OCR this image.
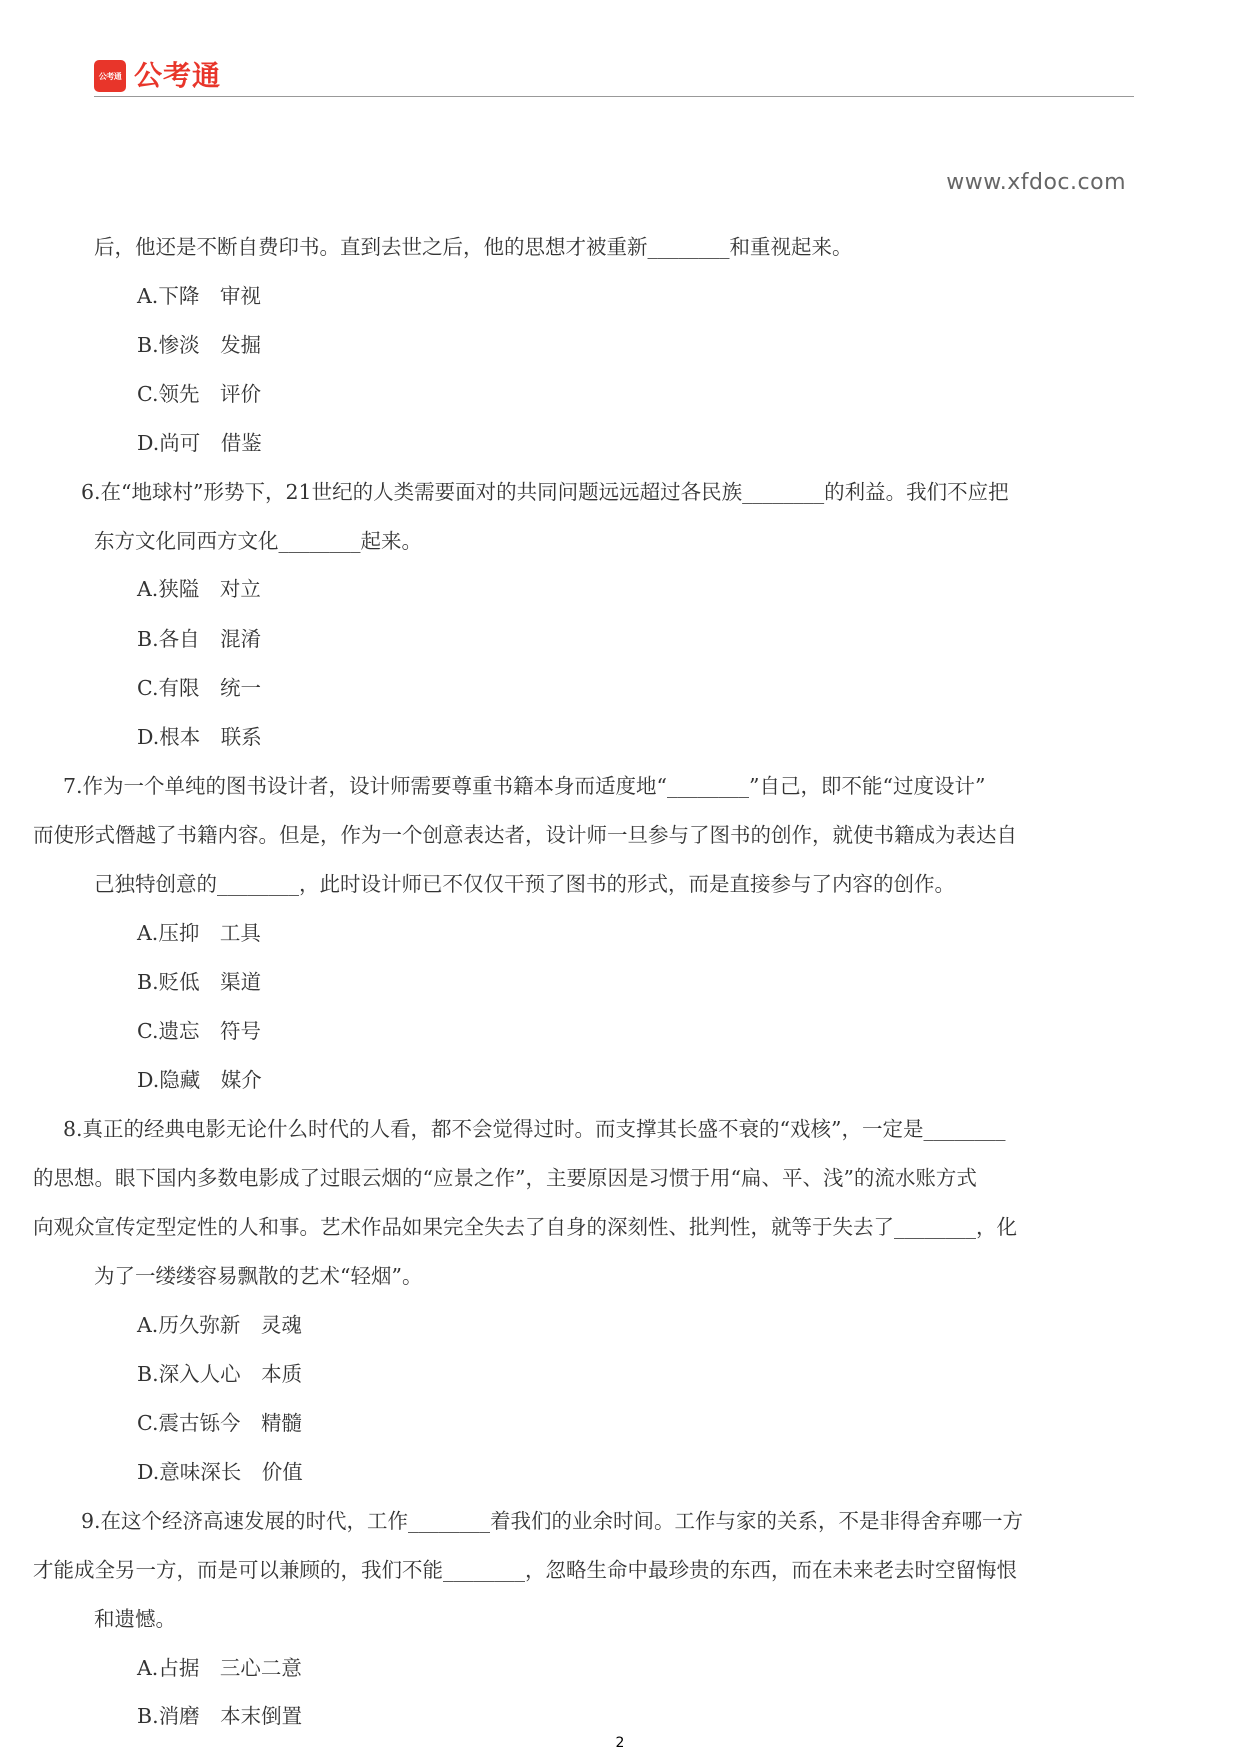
公考通 公考通
www.xfdoc.com
后，他还是不断自费印书。直到去世之后，他的思想才被重新________和重视起来。
A.下降　审视
B.惨淡　发掘
C.领先　评价
D.尚可　借鉴
6.在“地球村”形势下，21世纪的人类需要面对的共同问题远远超过各民族________的利益。我们不应把
东方文化同西方文化________起来。
A.狭隘　对立
B.各自　混淆
C.有限　统一
D.根本　联系
7.作为一个单纯的图书设计者，设计师需要尊重书籍本身而适度地“________”自己，即不能“过度设计”
而使形式僭越了书籍内容。但是，作为一个创意表达者，设计师一旦参与了图书的创作，就使书籍成为表达自
己独特创意的________，此时设计师已不仅仅干预了图书的形式，而是直接参与了内容的创作。
A.压抑　工具
B.贬低　渠道
C.遗忘　符号
D.隐藏　媒介
8.真正的经典电影无论什么时代的人看，都不会觉得过时。而支撑其长盛不衰的“戏核”，一定是________
的思想。眼下国内多数电影成了过眼云烟的“应景之作”，主要原因是习惯于用“扁、平、浅”的流水账方式
向观众宣传定型定性的人和事。艺术作品如果完全失去了自身的深刻性、批判性，就等于失去了________，化
为了一缕缕容易飘散的艺术“轻烟”。
A.历久弥新　灵魂
B.深入人心　本质
C.震古铄今　精髓
D.意味深长　价值
9.在这个经济高速发展的时代，工作________着我们的业余时间。工作与家的关系，不是非得舍弃哪一方
才能成全另一方，而是可以兼顾的，我们不能________，忽略生命中最珍贵的东西，而在未来老去时空留悔恨
和遗憾。
A.占据　三心二意
B.消磨　本末倒置
2
